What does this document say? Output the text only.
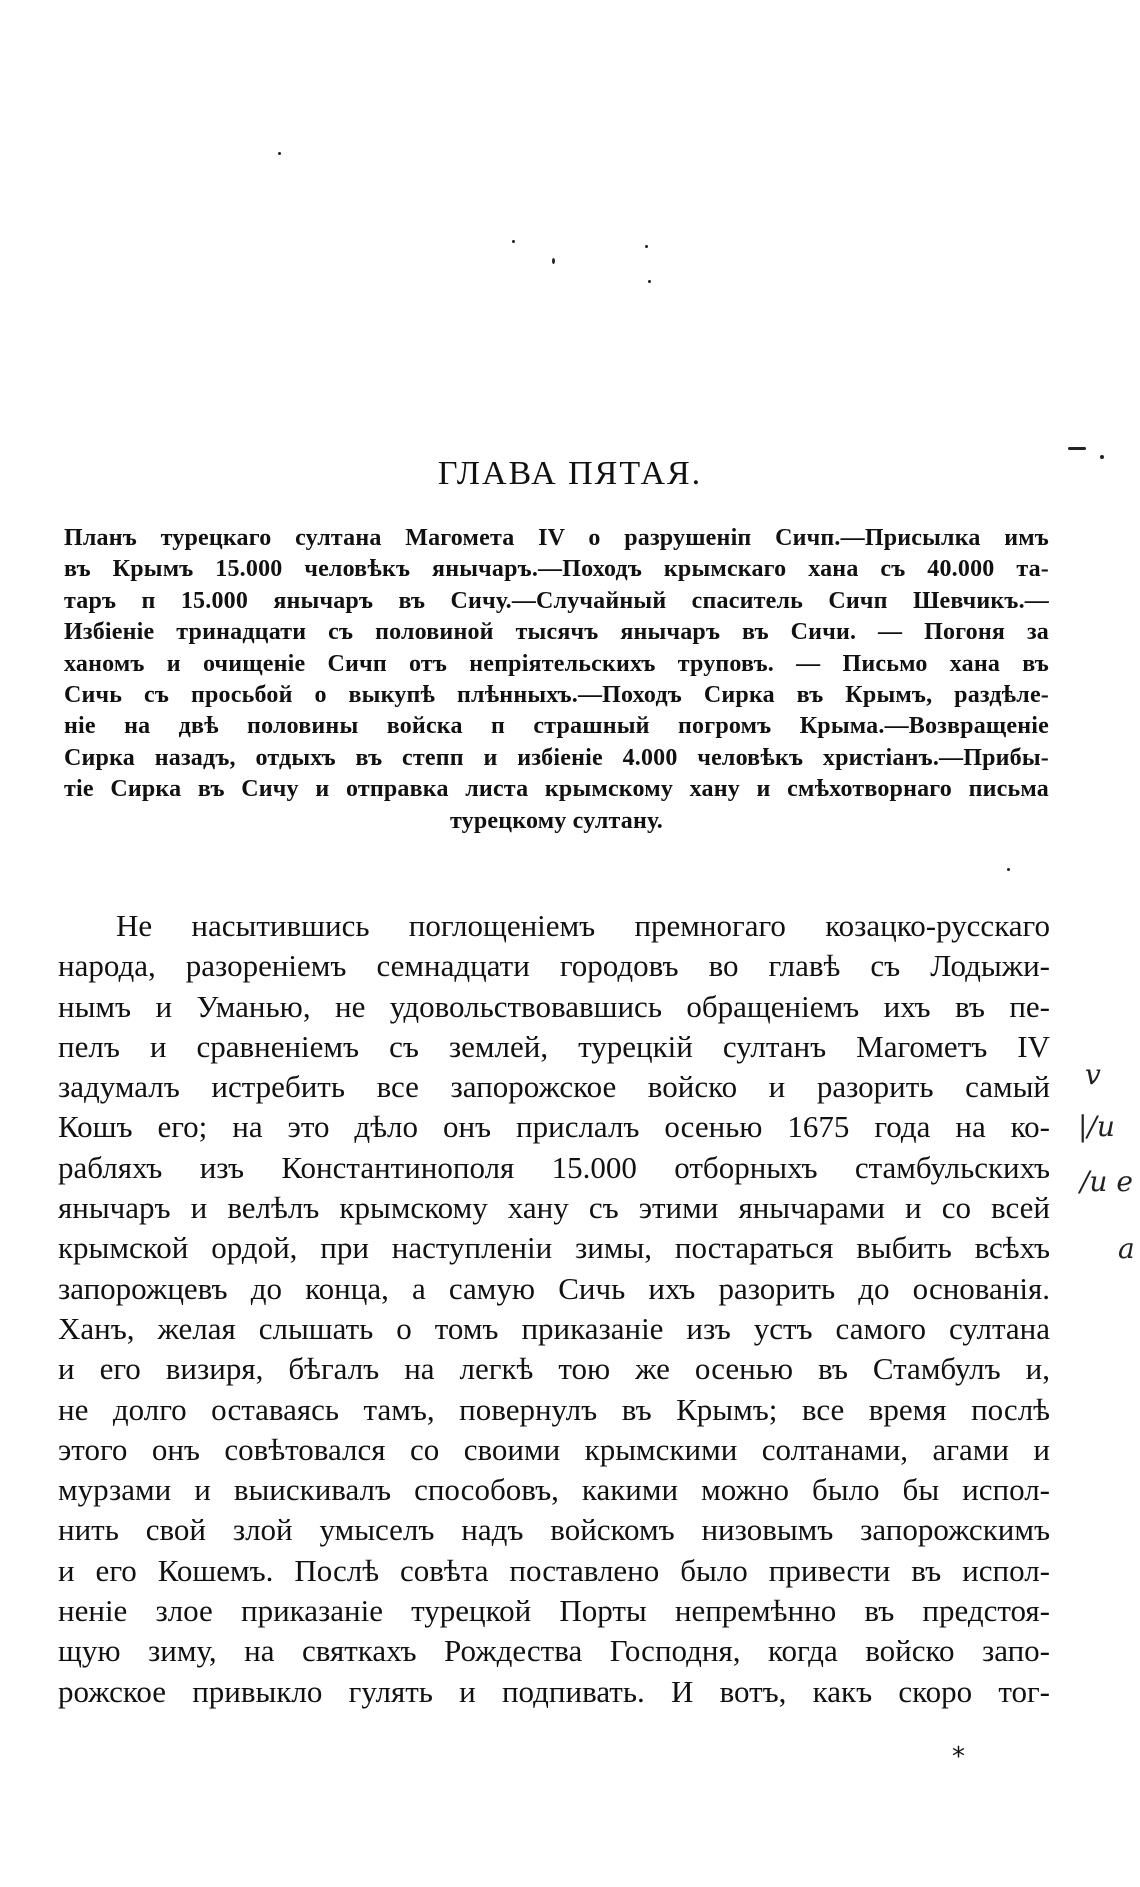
ГЛАВА ПЯТАЯ.
Планъ турецкаго султана Магомета IV о разрушеніп Сичп.—Присылка имъ
въ Крымъ 15.000 человѣкъ янычаръ.—Походъ крымскаго хана съ 40.000 та-
таръ п 15.000 янычаръ въ Сичу.—Случайный спаситель Сичп Шевчикъ.—
Избіеніе тринадцати съ половиной тысячъ янычаръ въ Сичи. — Погоня за
ханомъ и очищеніе Сичп отъ непріятельскихъ труповъ. — Письмо хана въ
Сичь съ просьбой о выкупѣ плѣнныхъ.—Походъ Сирка въ Крымъ, раздѣле-
ніе на двѣ половины войска п страшный погромъ Крыма.—Возвращеніе
Сирка назадъ, отдыхъ въ степп и избіеніе 4.000 человѣкъ христіанъ.—Прибы-
тіе Сирка въ Сичу и отправка листа крымскому хану и смѣхотворнаго письма
турецкому султану.
Не насытившись поглощеніемъ премногаго козацко-русскаго
народа, разореніемъ семнадцати городовъ во главѣ съ Лодыжи-
нымъ и Уманью, не удовольствовавшись обращеніемъ ихъ въ пе-
пелъ и сравненіемъ съ землей, турецкій султанъ Магометъ IV
задумалъ истребить все запорожское войско и разорить самый
Кошъ его; на это дѣло онъ прислалъ осенью 1675 года на ко-
рабляхъ изъ Константинополя 15.000 отборныхъ стамбульскихъ
янычаръ и велѣлъ крымскому хану съ этими янычарами и со всей
крымской ордой, при наступленіи зимы, постараться выбить всѣхъ
запорожцевъ до конца, а самую Сичь ихъ разорить до основанія.
Ханъ, желая слышать о томъ приказаніе изъ устъ самого султана
и его визиря, бѣгалъ на легкѣ тою же осенью въ Стамбулъ и,
не долго оставаясь тамъ, повернулъ въ Крымъ; все время послѣ
этого онъ совѣтовался со своими крымскими солтанами, агами и
мурзами и выискивалъ способовъ, какими можно было бы испол-
нить свой злой умыселъ надъ войскомъ низовымъ запорожскимъ
и его Кошемъ. Послѣ совѣта поставлено было привести въ испол-
неніе злое приказаніе турецкой Порты непремѣнно въ предстоя-
щую зиму, на святкахъ Рождества Господня, когда войско запо-
рожское привыкло гулять и подпивать. И вотъ, какъ скоро тог-
v
|/и
/и е
а
*
